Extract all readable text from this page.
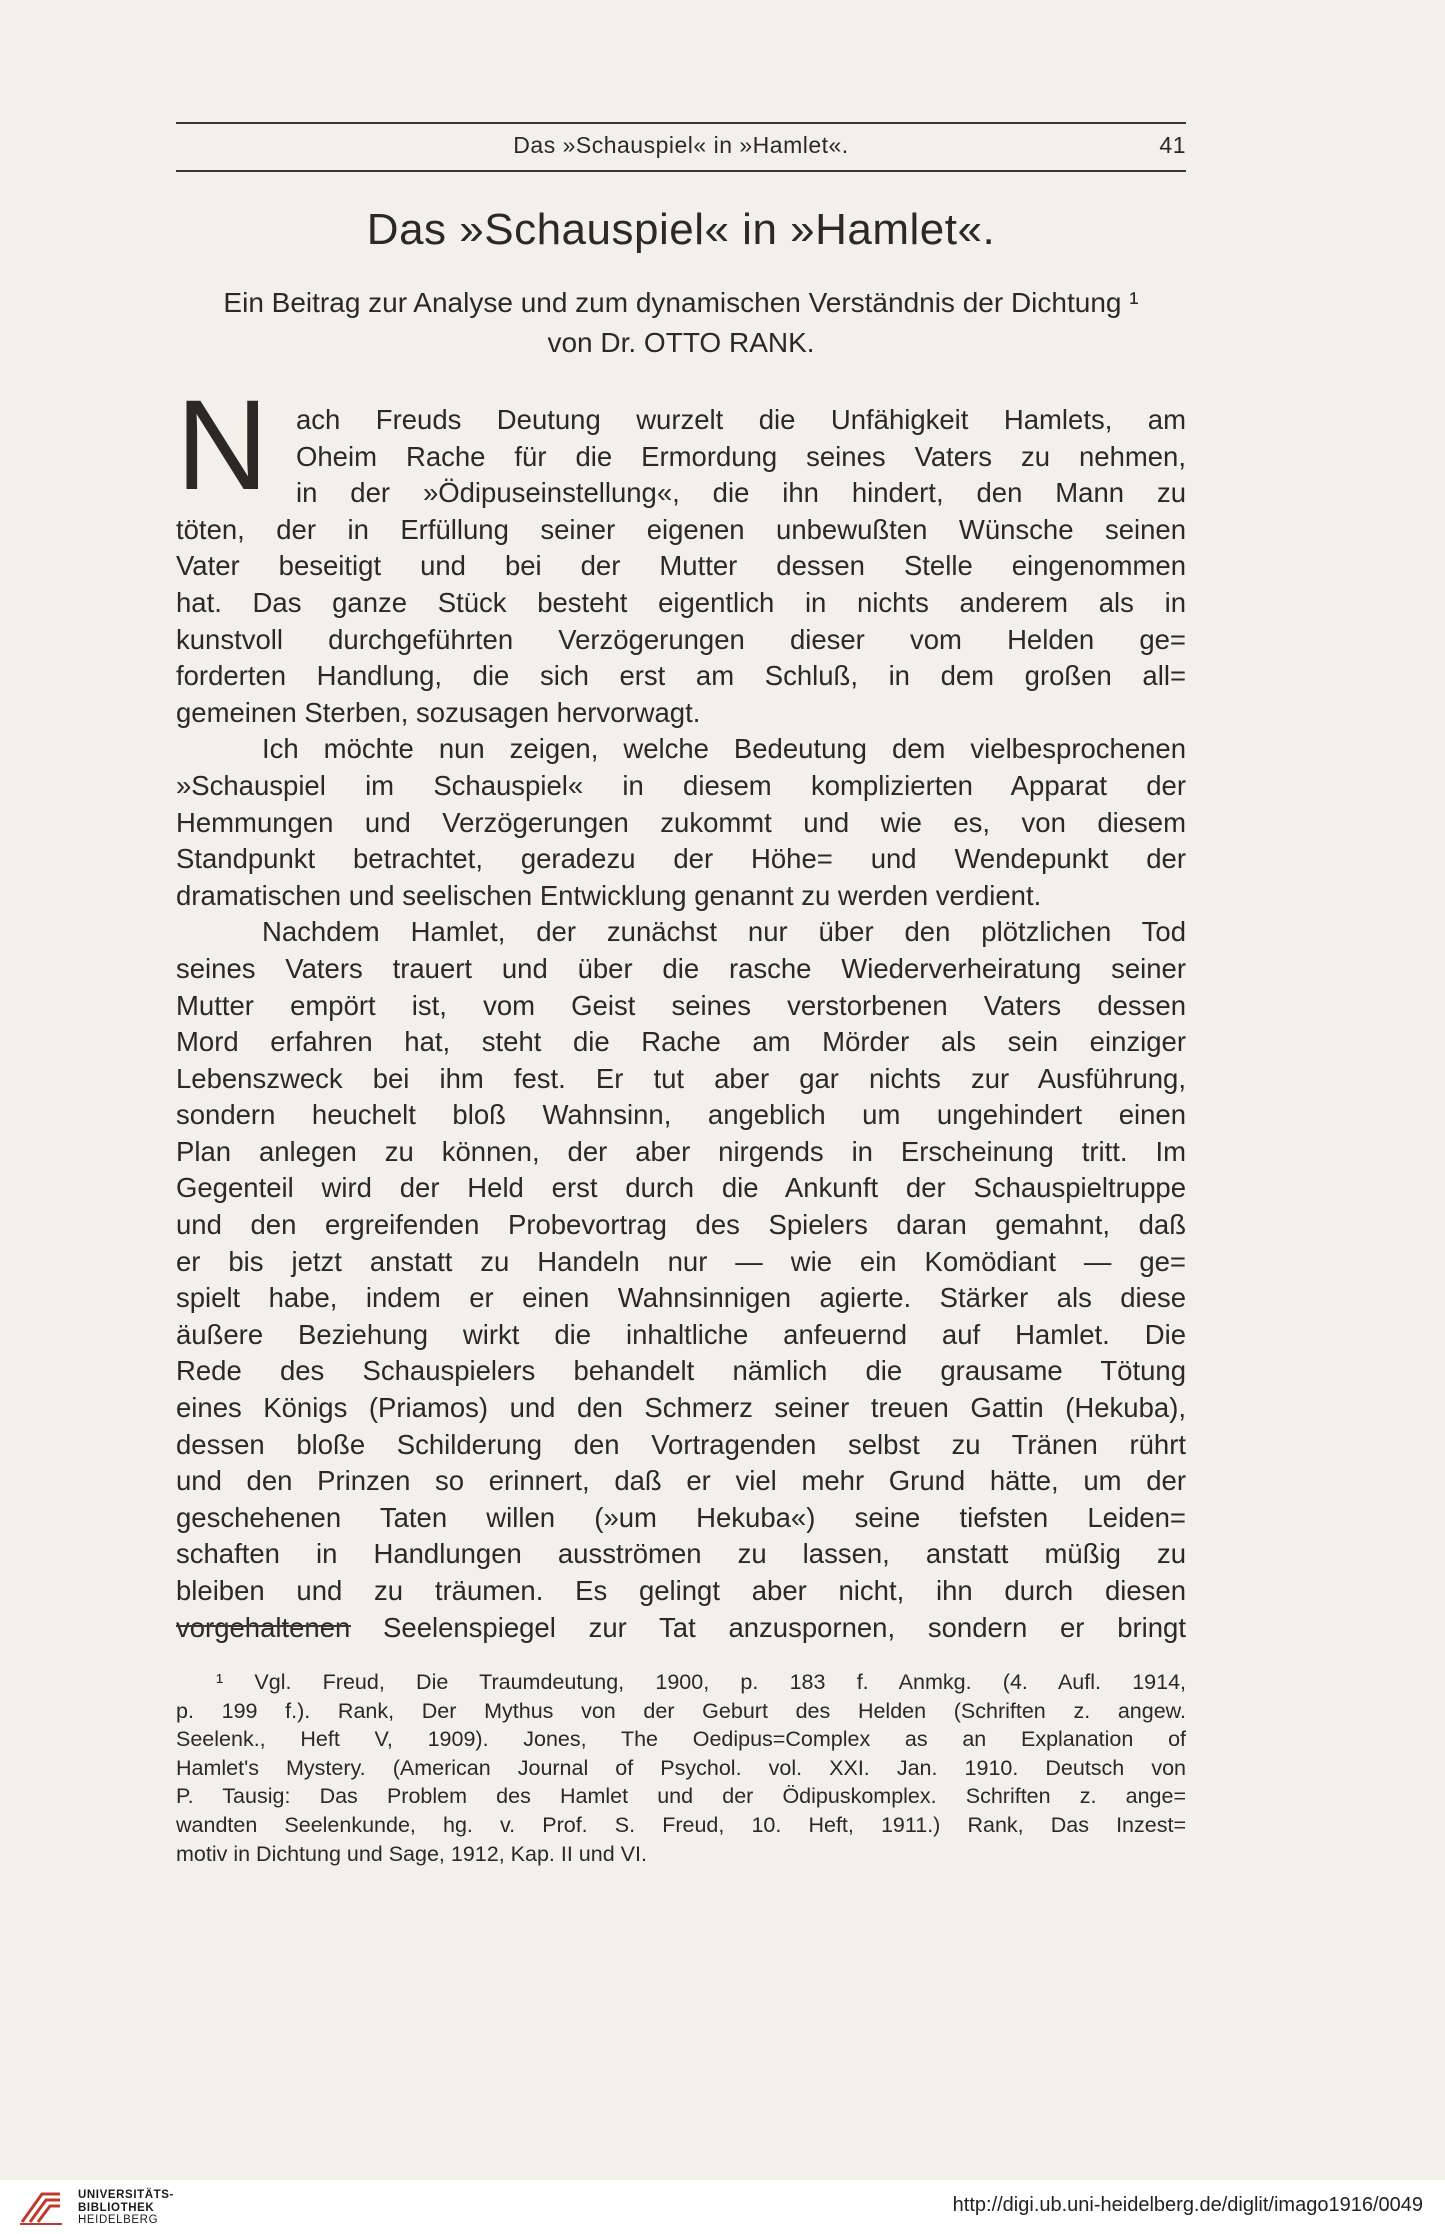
Das »Schauspiel« in »Hamlet«.	41
Das »Schauspiel« in »Hamlet«.

Ein Beitrag zur Analyse und zum dynamischen Verständnis der Dichtung ¹

von Dr. OTTO RANK.

N	ach Freuds Deutung wurzelt die Unfähigkeit Hamlets, am
Oheim Rache für die Ermordung seines Vaters zu nehmen,
in der »Ödipuseinstellung«, die ihn hindert, den Mann zu
töten, der in Erfüllung seiner eigenen unbewußten Wünsche seinen
Vater beseitigt und bei der Mutter dessen Stelle eingenommen
hat. Das ganze Stück besteht eigentlich in nichts anderem als in
kunstvoll durchgeführten Verzögerungen dieser vom Helden ge=
forderten Handlung, die sich erst am Schluß, in dem großen all=
gemeinen Sterben, sozusagen hervorwagt.
Ich möchte nun zeigen, welche Bedeutung dem vielbesprochenen
»Schauspiel im Schauspiel« in diesem komplizierten Apparat der
Hemmungen und Verzögerungen zukommt und wie es, von diesem
Standpunkt betrachtet, geradezu der Höhe= und Wendepunkt der
dramatischen und seelischen Entwicklung genannt zu werden verdient.
Nachdem Hamlet, der zunächst nur über den plötzlichen Tod
seines Vaters trauert und über die rasche Wiederverheiratung seiner
Mutter empört ist, vom Geist seines verstorbenen Vaters dessen
Mord erfahren hat, steht die Rache am Mörder als sein einziger
Lebenszweck bei ihm fest. Er tut aber gar nichts zur Ausführung,
sondern heuchelt bloß Wahnsinn, angeblich um ungehindert einen
Plan anlegen zu können, der aber nirgends in Erscheinung tritt. Im
Gegenteil wird der Held erst durch die Ankunft der Schauspieltruppe
und den ergreifenden Probevortrag des Spielers daran gemahnt, daß
er bis jetzt anstatt zu Handeln nur — wie ein Komödiant — ge=
spielt habe, indem er einen Wahnsinnigen agierte. Stärker als diese
äußere Beziehung wirkt die inhaltliche anfeuernd auf Hamlet. Die
Rede des Schauspielers behandelt nämlich die grausame Tötung
eines Königs (Priamos) und den Schmerz seiner treuen Gattin (Hekuba),
dessen bloße Schilderung den Vortragenden selbst zu Tränen rührt
und den Prinzen so erinnert, daß er viel mehr Grund hätte, um der
geschehenen Taten willen (»um Hekuba«) seine tiefsten Leiden=
schaften in Handlungen ausströmen zu lassen, anstatt müßig zu
bleiben und zu träumen. Es gelingt aber nicht, ihn durch diesen
vorgehaltenen Seelenspiegel zur Tat anzuspornen, sondern er bringt
¹ Vgl. Freud, Die Traumdeutung, 1900, p. 183 f. Anmkg. (4. Aufl. 1914,
p. 199 f.). Rank, Der Mythus von der Geburt des Helden (Schriften z. angew.
Seelenk., Heft V, 1909). Jones, The Oedipus=Complex as an Explanation of
Hamlet's Mystery. (American Journal of Psychol. vol. XXI. Jan. 1910. Deutsch von
P. Tausig: Das Problem des Hamlet und der Ödipuskomplex. Schriften z. ange=
wandten Seelenkunde, hg. v. Prof. S. Freud, 10. Heft, 1911.) Rank, Das Inzest=
motiv in Dichtung und Sage, 1912, Kap. II und VI.
UNIVERSITÄTS-
BIBLIOTHEK
HEIDELBERG
http://digi.ub.uni-heidelberg.de/diglit/imago1916/0049
